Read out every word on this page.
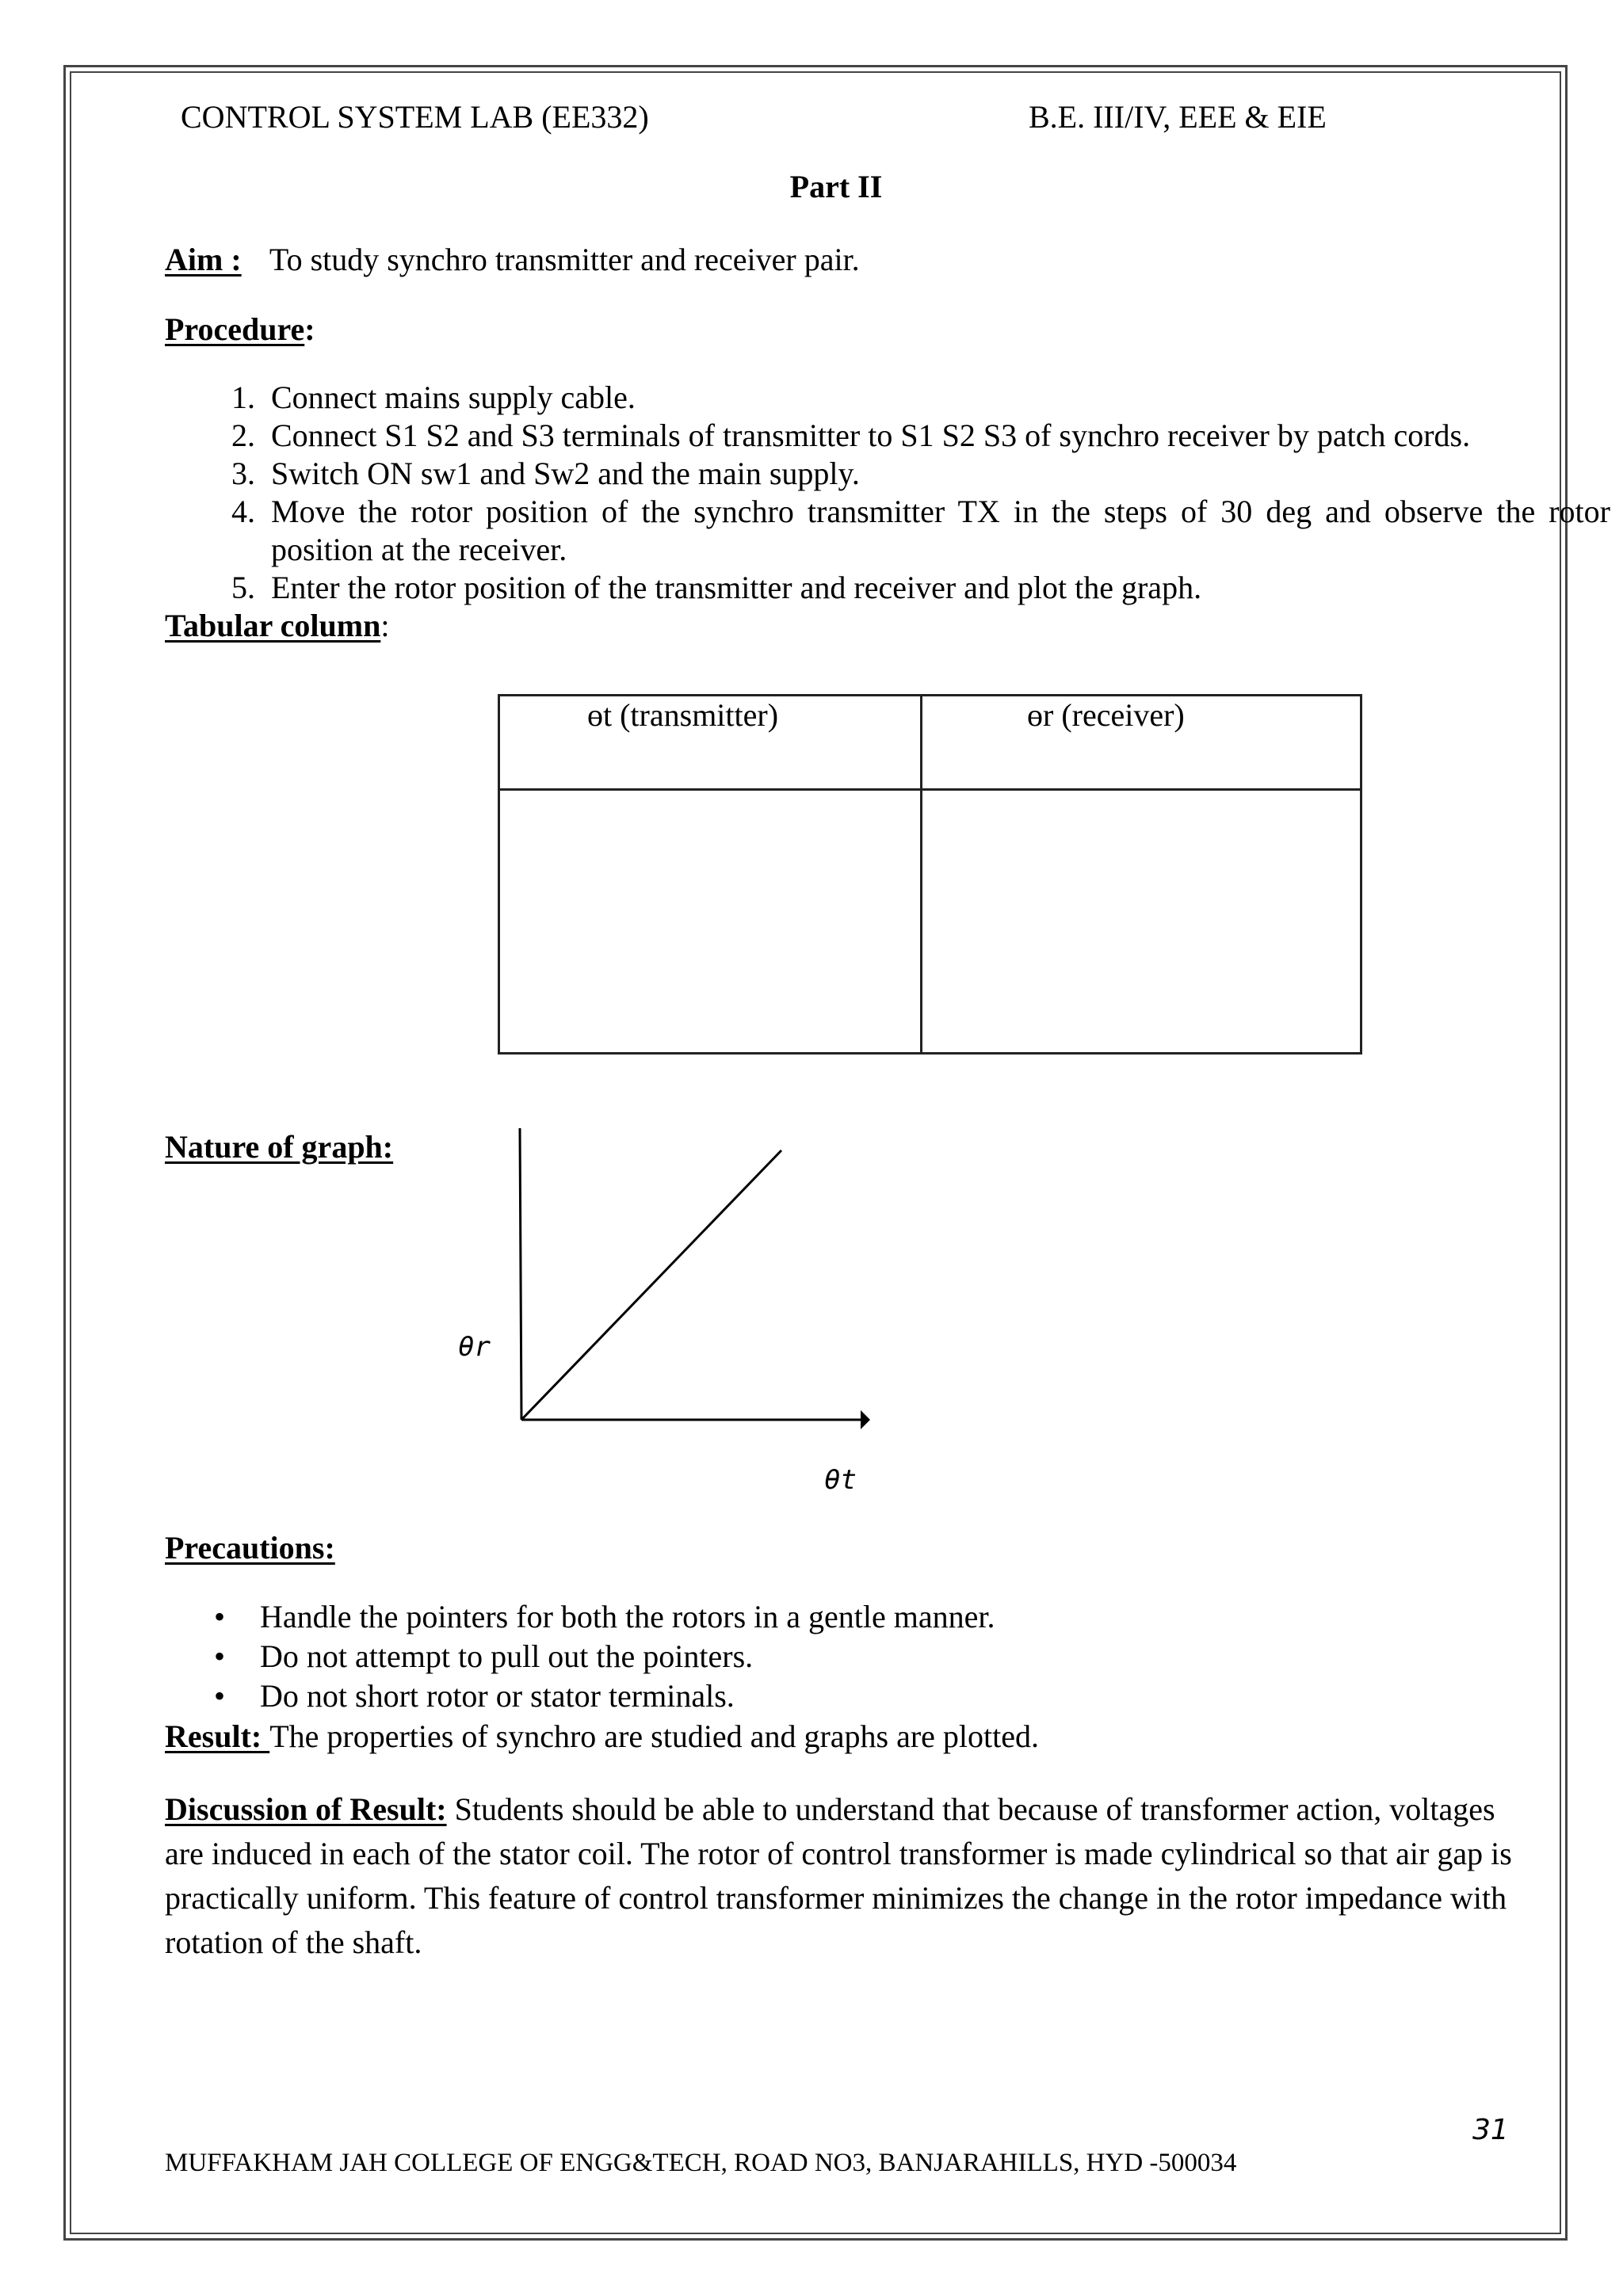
CONTROL SYSTEM LAB (EE332)	B.E. III/IV, EEE & EIE
Part II
Aim : To study synchro transmitter and receiver pair.
Procedure:
1. Connect mains supply cable.
2. Connect S1 S2 and S3 terminals of transmitter to S1 S2 S3 of synchro receiver by patch cords.
3. Switch ON sw1 and Sw2 and the main supply.
4. Move the rotor position of the synchro transmitter TX in the steps of 30 deg and observe the rotor position at the receiver.
5. Enter the rotor position of the transmitter and receiver and plot the graph.
Tabular column:
ɵt (transmitter)	ɵr (receiver)

Nature of graph:
θr
θt
Precautions:
• Handle the pointers for both the rotors in a gentle manner.
• Do not attempt to pull out the pointers.
• Do not short rotor or stator terminals.
Result: The properties of synchro are studied and graphs are plotted.
Discussion of Result: Students should be able to understand that because of transformer action, voltages are induced in each of the stator coil. The rotor of control transformer is made cylindrical so that air gap is practically uniform. This feature of control transformer minimizes the change in the rotor impedance with rotation of the shaft.
31
MUFFAKHAM JAH COLLEGE OF ENGG&TECH, ROAD NO3, BANJARAHILLS, HYD -500034
